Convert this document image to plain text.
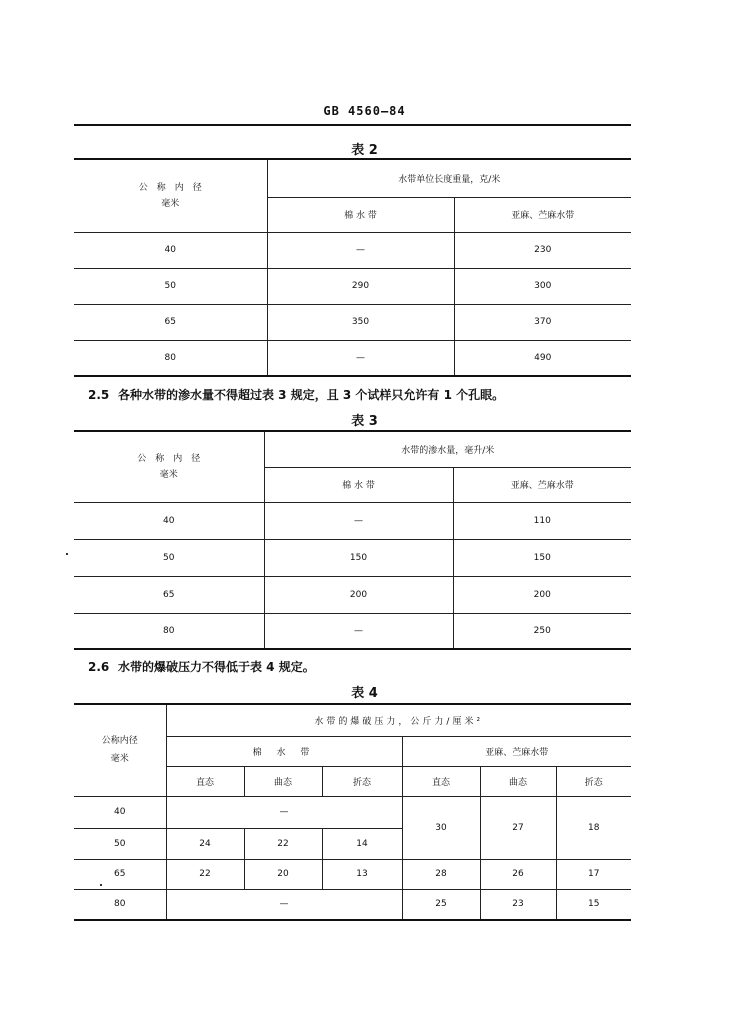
GB 4560—84
表 2
公　称　内　径
毫米	水带单位长度重量，克/米	
	棉 水 带	亚麻、苎麻水带
40	—	230
50	290	300
65	350	370
80	—	490
2.5 各种水带的渗水量不得超过表 3 规定，且 3 个试样只允许有 1 个孔眼。
表 3
公　称　内　径
毫米	水带的渗水量，毫升/米	
	棉 水 带	亚麻、苎麻水带
40	—	110
50	150	150
65	200	200
80	—	250
2.6 水带的爆破压力不得低于表 4 规定。
表 4
公称内径
毫米	水带的爆破压力，公斤力/厘米²					
	棉 水 带			亚麻、苎麻水带		
	直态	曲态	折态	直态	曲态	折态
40	—			30	27	18
50	24	22	14			
65	22	20	13	28	26	17
80	—			25	23	15
